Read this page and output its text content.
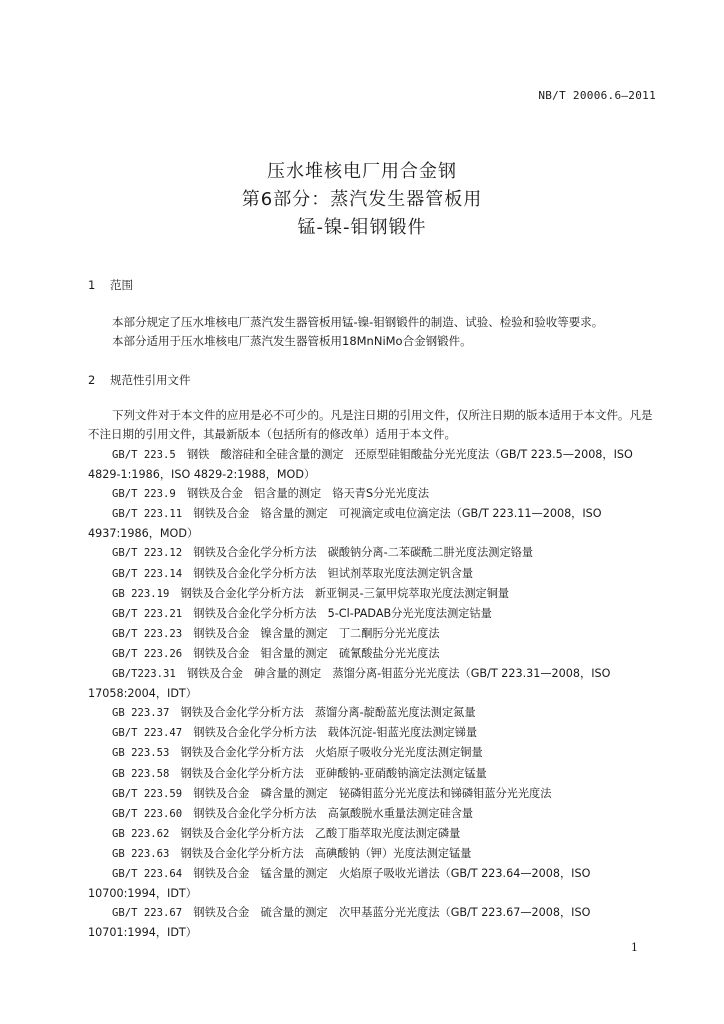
NB/T 20006.6—2011
压水堆核电厂用合金钢
第6部分：蒸汽发生器管板用
锰-镍-钼钢锻件
1 范围

本部分规定了压水堆核电厂蒸汽发生器管板用锰-镍-钼钢锻件的制造、试验、检验和验收等要求。

本部分适用于压水堆核电厂蒸汽发生器管板用18MnNiMo合金钢锻件。

2 规范性引用文件

下列文件对于本文件的应用是必不可少的。凡是注日期的引用文件，仅所注日期的版本适用于本文件。凡是不注日期的引用文件，其最新版本（包括所有的修改单）适用于本文件。

GB/T 223.5　 钢铁　酸溶硅和全硅含量的测定　还原型硅钼酸盐分光光度法（GB/T 223.5—2008，ISO 4829-1:1986，ISO 4829-2:1988，MOD）

GB/T 223.9　 钢铁及合金　铝含量的测定　铬天青S分光光度法

GB/T 223.11　 钢铁及合金　铬含量的测定　可视滴定或电位滴定法（GB/T 223.11—2008，ISO 4937:1986，MOD）

GB/T 223.12　 钢铁及合金化学分析方法　碳酸钠分离-二苯碳酰二肼光度法测定铬量

GB/T 223.14　 钢铁及合金化学分析方法　钽试剂萃取光度法测定钒含量

GB 223.19　 钢铁及合金化学分析方法　新亚铜灵-三氯甲烷萃取光度法测定铜量

GB/T 223.21　 钢铁及合金化学分析方法　5-Cl-PADAB分光光度法测定钴量

GB/T 223.23　 钢铁及合金　镍含量的测定　丁二酮肟分光光度法

GB/T 223.26　 钢铁及合金　钼含量的测定　硫氰酸盐分光光度法

GB/T223.31　 钢铁及合金　砷含量的测定　蒸馏分离-钼蓝分光光度法（GB/T 223.31—2008，ISO 17058:2004，IDT）

GB 223.37　 钢铁及合金化学分析方法　蒸馏分离-靛酚蓝光度法测定氮量

GB/T 223.47　 钢铁及合金化学分析方法　载体沉淀-钼蓝光度法测定锑量

GB 223.53　 钢铁及合金化学分析方法　火焰原子吸收分光光度法测定铜量

GB 223.58　 钢铁及合金化学分析方法　亚砷酸钠-亚硝酸钠滴定法测定锰量

GB/T 223.59　 钢铁及合金　磷含量的测定　铋磷钼蓝分光光度法和锑磷钼蓝分光光度法

GB/T 223.60　 钢铁及合金化学分析方法　高氯酸脱水重量法测定硅含量

GB 223.62　 钢铁及合金化学分析方法　乙酸丁脂萃取光度法测定磷量

GB 223.63　 钢铁及合金化学分析方法　高碘酸钠（钾）光度法测定锰量

GB/T 223.64　 钢铁及合金　锰含量的测定　火焰原子吸收光谱法（GB/T 223.64—2008，ISO 10700:1994，IDT）

GB/T 223.67　 钢铁及合金　硫含量的测定　次甲基蓝分光光度法（GB/T 223.67—2008，ISO 10701:1994，IDT）

1
